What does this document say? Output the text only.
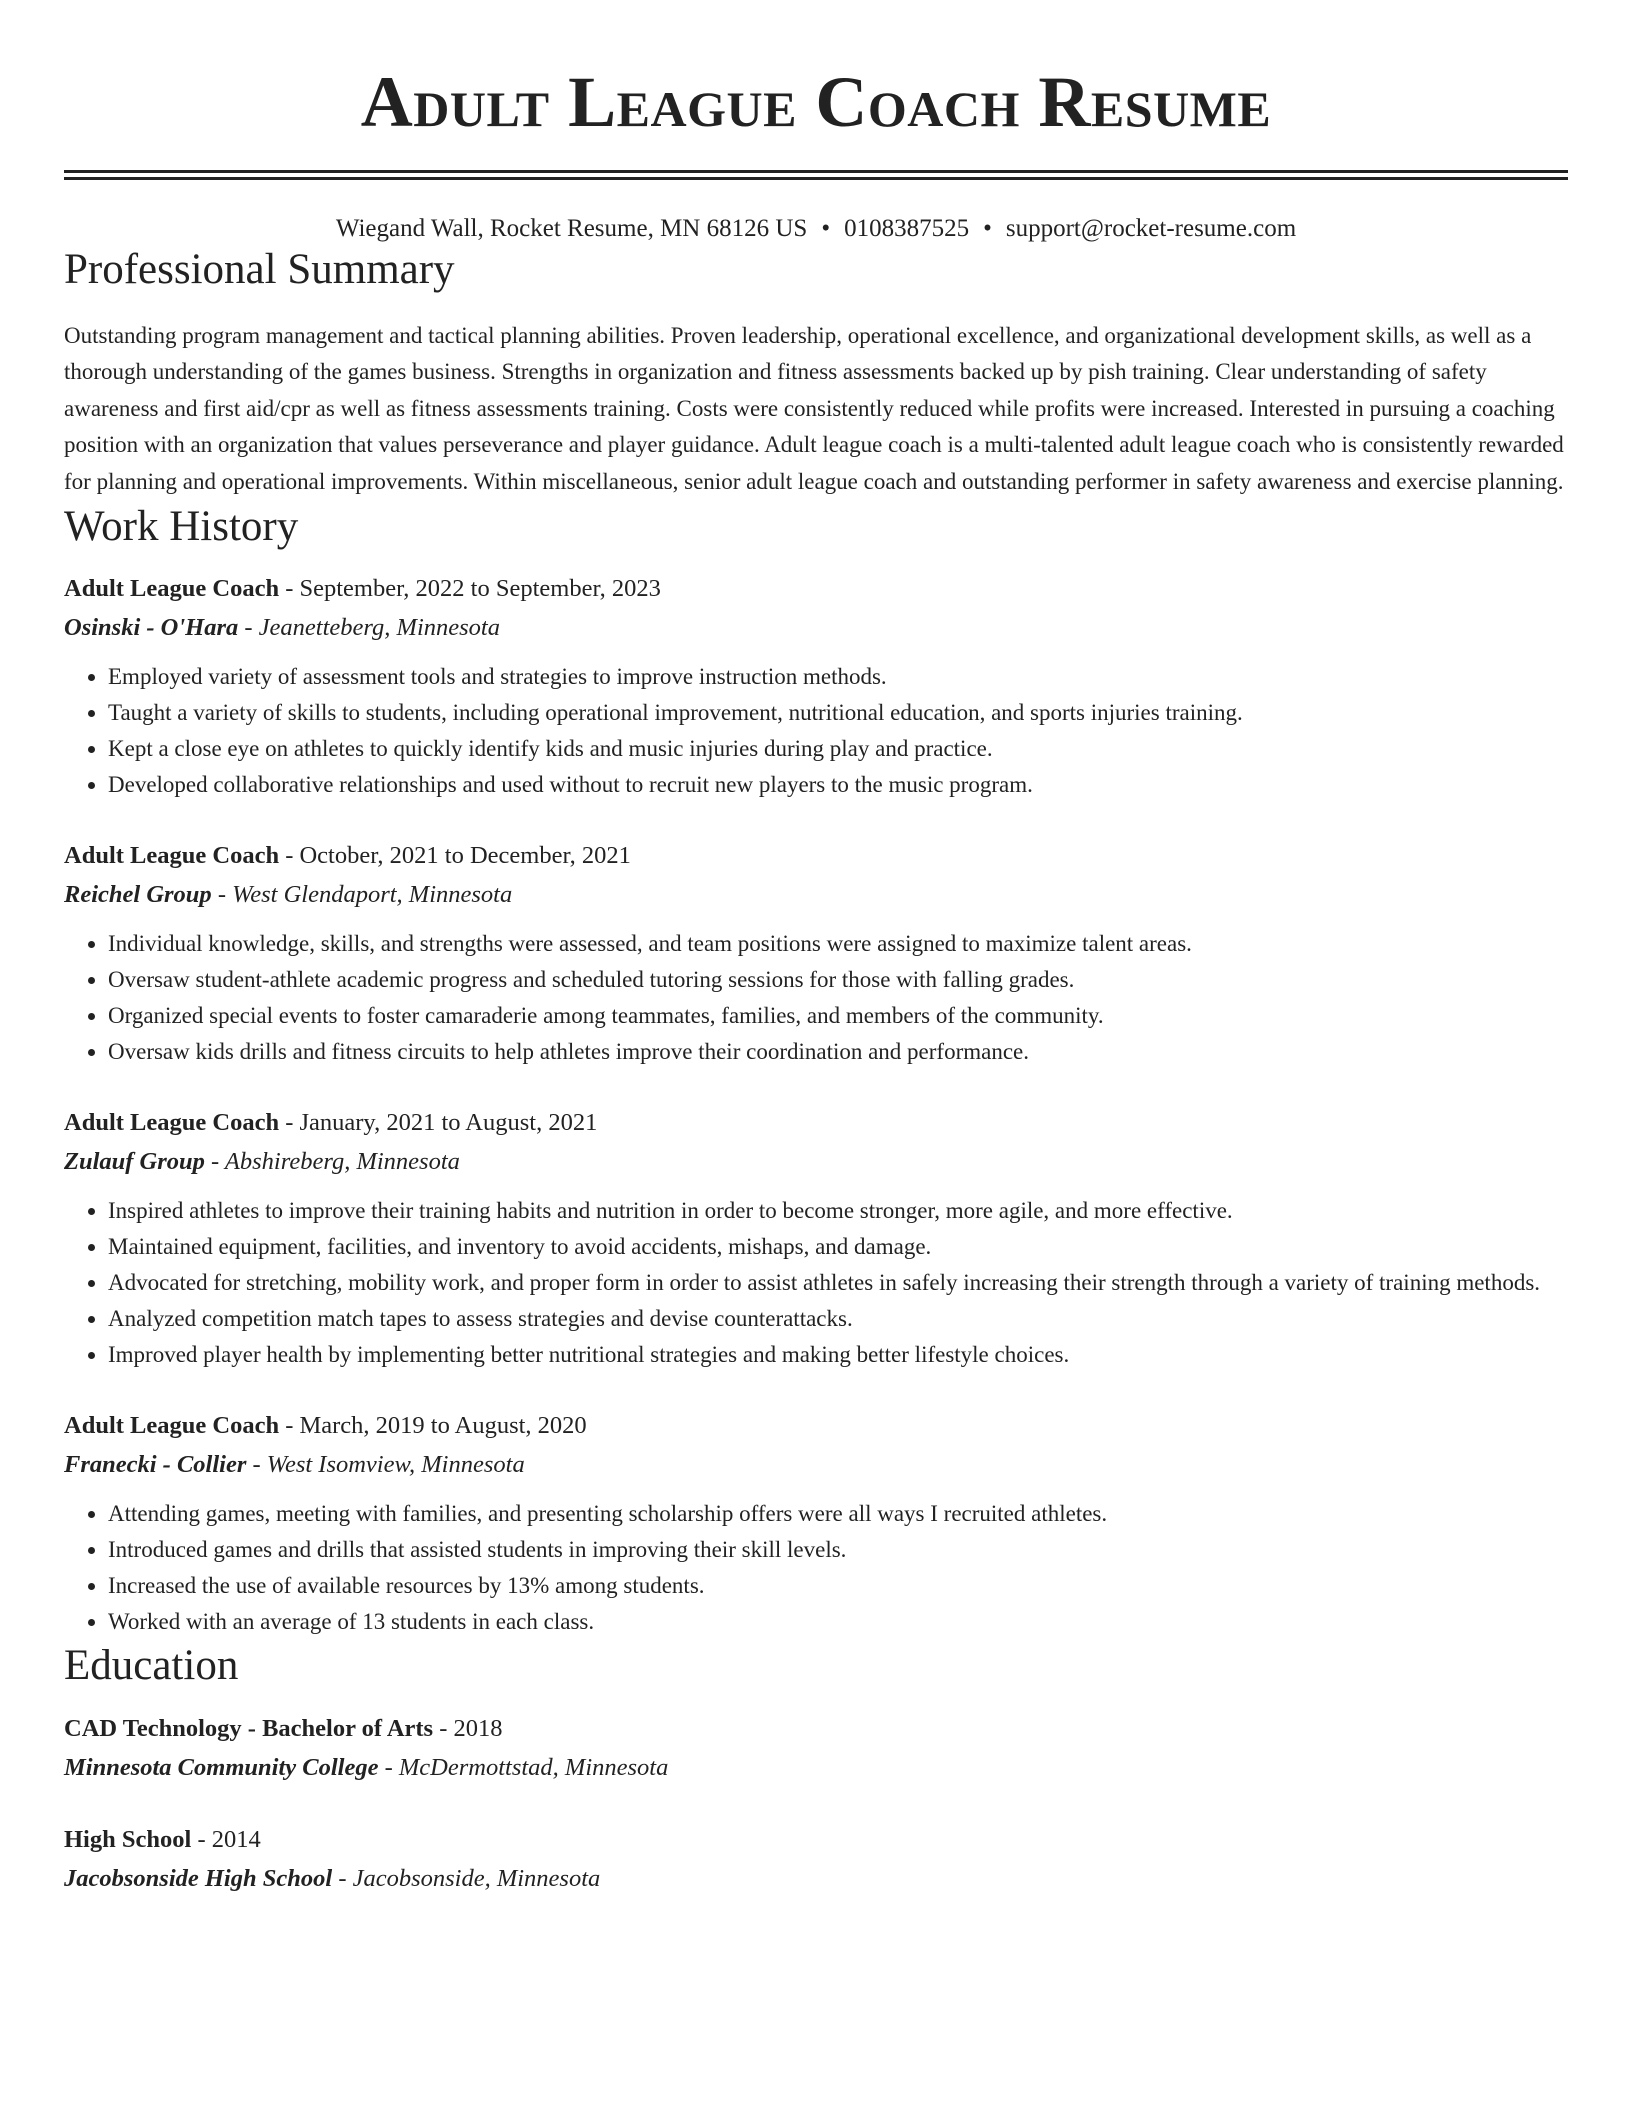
Adult League Coach Resume
Wiegand Wall, Rocket Resume, MN 68126 US • 0108387525 • support@rocket-resume.com
Professional Summary
Outstanding program management and tactical planning abilities. Proven leadership, operational excellence, and organizational development skills, as well as a thorough understanding of the games business. Strengths in organization and fitness assessments backed up by pish training. Clear understanding of safety awareness and first aid/cpr as well as fitness assessments training. Costs were consistently reduced while profits were increased. Interested in pursuing a coaching position with an organization that values perseverance and player guidance. Adult league coach is a multi-talented adult league coach who is consistently rewarded for planning and operational improvements. Within miscellaneous, senior adult league coach and outstanding performer in safety awareness and exercise planning.
Work History
Adult League Coach - September, 2022 to September, 2023
Osinski - O'Hara - Jeanetteberg, Minnesota
• Employed variety of assessment tools and strategies to improve instruction methods.
• Taught a variety of skills to students, including operational improvement, nutritional education, and sports injuries training.
• Kept a close eye on athletes to quickly identify kids and music injuries during play and practice.
• Developed collaborative relationships and used without to recruit new players to the music program.
Adult League Coach - October, 2021 to December, 2021
Reichel Group - West Glendaport, Minnesota
• Individual knowledge, skills, and strengths were assessed, and team positions were assigned to maximize talent areas.
• Oversaw student-athlete academic progress and scheduled tutoring sessions for those with falling grades.
• Organized special events to foster camaraderie among teammates, families, and members of the community.
• Oversaw kids drills and fitness circuits to help athletes improve their coordination and performance.
Adult League Coach - January, 2021 to August, 2021
Zulauf Group - Abshireberg, Minnesota
• Inspired athletes to improve their training habits and nutrition in order to become stronger, more agile, and more effective.
• Maintained equipment, facilities, and inventory to avoid accidents, mishaps, and damage.
• Advocated for stretching, mobility work, and proper form in order to assist athletes in safely increasing their strength through a variety of training methods.
• Analyzed competition match tapes to assess strategies and devise counterattacks.
• Improved player health by implementing better nutritional strategies and making better lifestyle choices.
Adult League Coach - March, 2019 to August, 2020
Franecki - Collier - West Isomview, Minnesota
• Attending games, meeting with families, and presenting scholarship offers were all ways I recruited athletes.
• Introduced games and drills that assisted students in improving their skill levels.
• Increased the use of available resources by 13% among students.
• Worked with an average of 13 students in each class.
Education
CAD Technology - Bachelor of Arts - 2018
Minnesota Community College - McDermottstad, Minnesota
High School - 2014
Jacobsonside High School - Jacobsonside, Minnesota
